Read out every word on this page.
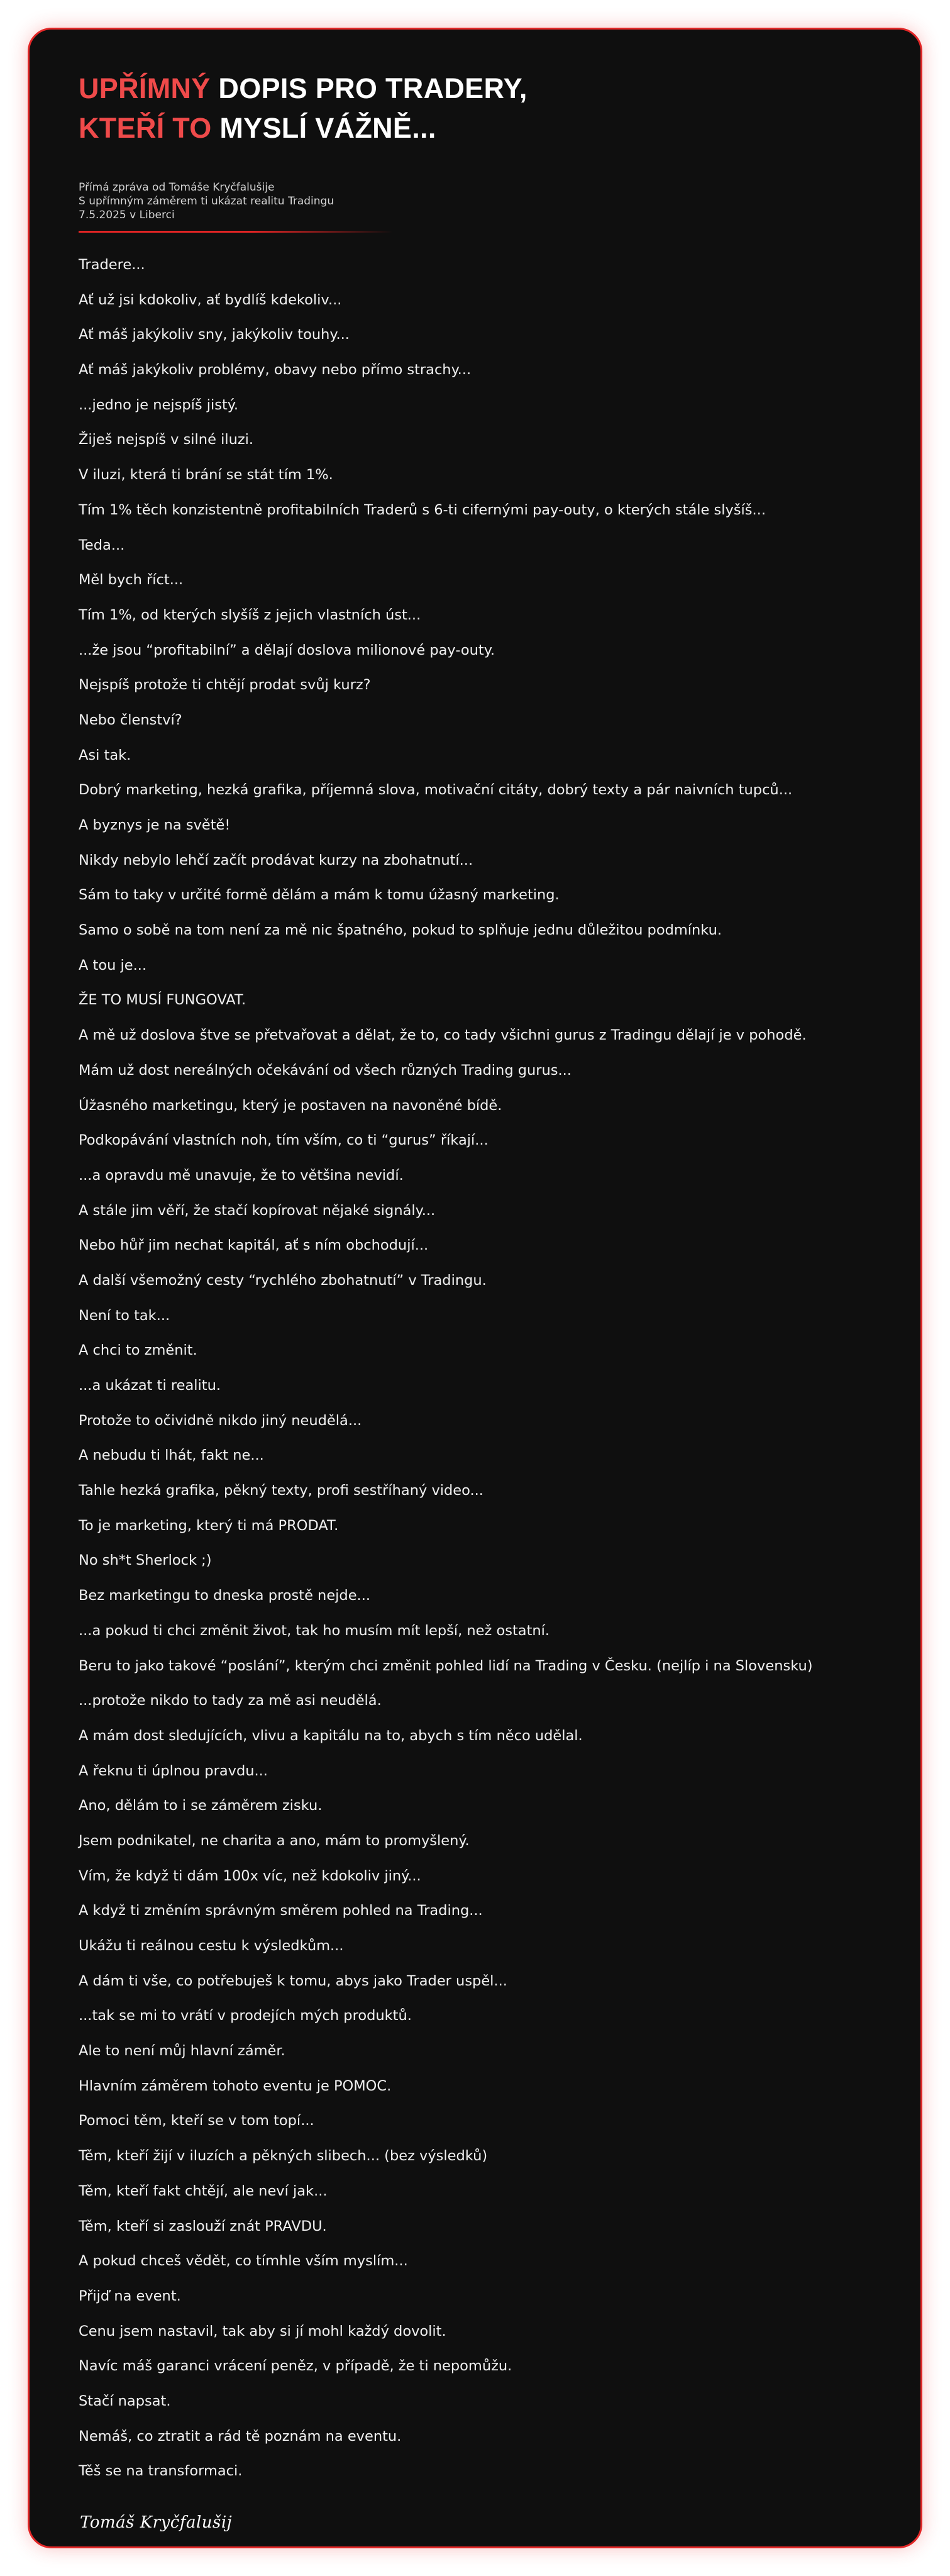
UPŘÍMNÝ DOPIS PRO TRADERY,
KTEŘÍ TO MYSLÍ VÁŽNĚ...
Přímá zpráva od Tomáše Kryčfalušije
S upřímným záměrem ti ukázat realitu Tradingu
7.5.2025 v Liberci
Tradere...
Ať už jsi kdokoliv, ať bydlíš kdekoliv...
Ať máš jakýkoliv sny, jakýkoliv touhy...
Ať máš jakýkoliv problémy, obavy nebo přímo strachy...
...jedno je nejspíš jistý.
Žiješ nejspíš v silné iluzi.
V iluzi, která ti brání se stát tím 1%.
Tím 1% těch konzistentně profitabilních Traderů s 6-ti cifernými pay-outy, o kterých stále slyšíš...
Teda...
Měl bych říct...
Tím 1%, od kterých slyšíš z jejich vlastních úst...
...že jsou “profitabilní” a dělají doslova milionové pay-outy.
Nejspíš protože ti chtějí prodat svůj kurz?
Nebo členství?
Asi tak.
Dobrý marketing, hezká grafika, příjemná slova, motivační citáty, dobrý texty a pár naivních tupců...
A byznys je na světě!
Nikdy nebylo lehčí začít prodávat kurzy na zbohatnutí...
Sám to taky v určité formě dělám a mám k tomu úžasný marketing.
Samo o sobě na tom není za mě nic špatného, pokud to splňuje jednu důležitou podmínku.
A tou je...
ŽE TO MUSÍ FUNGOVAT.
A mě už doslova štve se přetvařovat a dělat, že to, co tady všichni gurus z Tradingu dělají je v pohodě.
Mám už dost nereálných očekávání od všech různých Trading gurus...
Úžasného marketingu, který je postaven na navoněné bídě.
Podkopávání vlastních noh, tím vším, co ti “gurus” říkají...
...a opravdu mě unavuje, že to většina nevidí.
A stále jim věří, že stačí kopírovat nějaké signály...
Nebo hůř jim nechat kapitál, ať s ním obchodují...
A další všemožný cesty “rychlého zbohatnutí” v Tradingu.
Není to tak...
A chci to změnit.
...a ukázat ti realitu.
Protože to očividně nikdo jiný neudělá...
A nebudu ti lhát, fakt ne...
Tahle hezká grafika, pěkný texty, profi sestříhaný video...
To je marketing, který ti má PRODAT.
No sh*t Sherlock ;)
Bez marketingu to dneska prostě nejde...
...a pokud ti chci změnit život, tak ho musím mít lepší, než ostatní.
Beru to jako takové “poslání”, kterým chci změnit pohled lidí na Trading v Česku. (nejlíp i na Slovensku)
...protože nikdo to tady za mě asi neudělá.
A mám dost sledujících, vlivu a kapitálu na to, abych s tím něco udělal.
A řeknu ti úplnou pravdu...
Ano, dělám to i se záměrem zisku.
Jsem podnikatel, ne charita a ano, mám to promyšlený.
Vím, že když ti dám 100x víc, než kdokoliv jiný...
A když ti změním správným směrem pohled na Trading...
Ukážu ti reálnou cestu k výsledkům...
A dám ti vše, co potřebuješ k tomu, abys jako Trader uspěl...
...tak se mi to vrátí v prodejích mých produktů.
Ale to není můj hlavní záměr.
Hlavním záměrem tohoto eventu je POMOC.
Pomoci těm, kteří se v tom topí...
Těm, kteří žijí v iluzích a pěkných slibech... (bez výsledků)
Těm, kteří fakt chtějí, ale neví jak...
Těm, kteří si zaslouží znát PRAVDU.
A pokud chceš vědět, co tímhle vším myslím...
Přijď na event.
Cenu jsem nastavil, tak aby si jí mohl každý dovolit.
Navíc máš garanci vrácení peněz, v případě, že ti nepomůžu.
Stačí napsat.
Nemáš, co ztratit a rád tě poznám na eventu.
Těš se na transformaci.
Tomáš Kryčfalušij
